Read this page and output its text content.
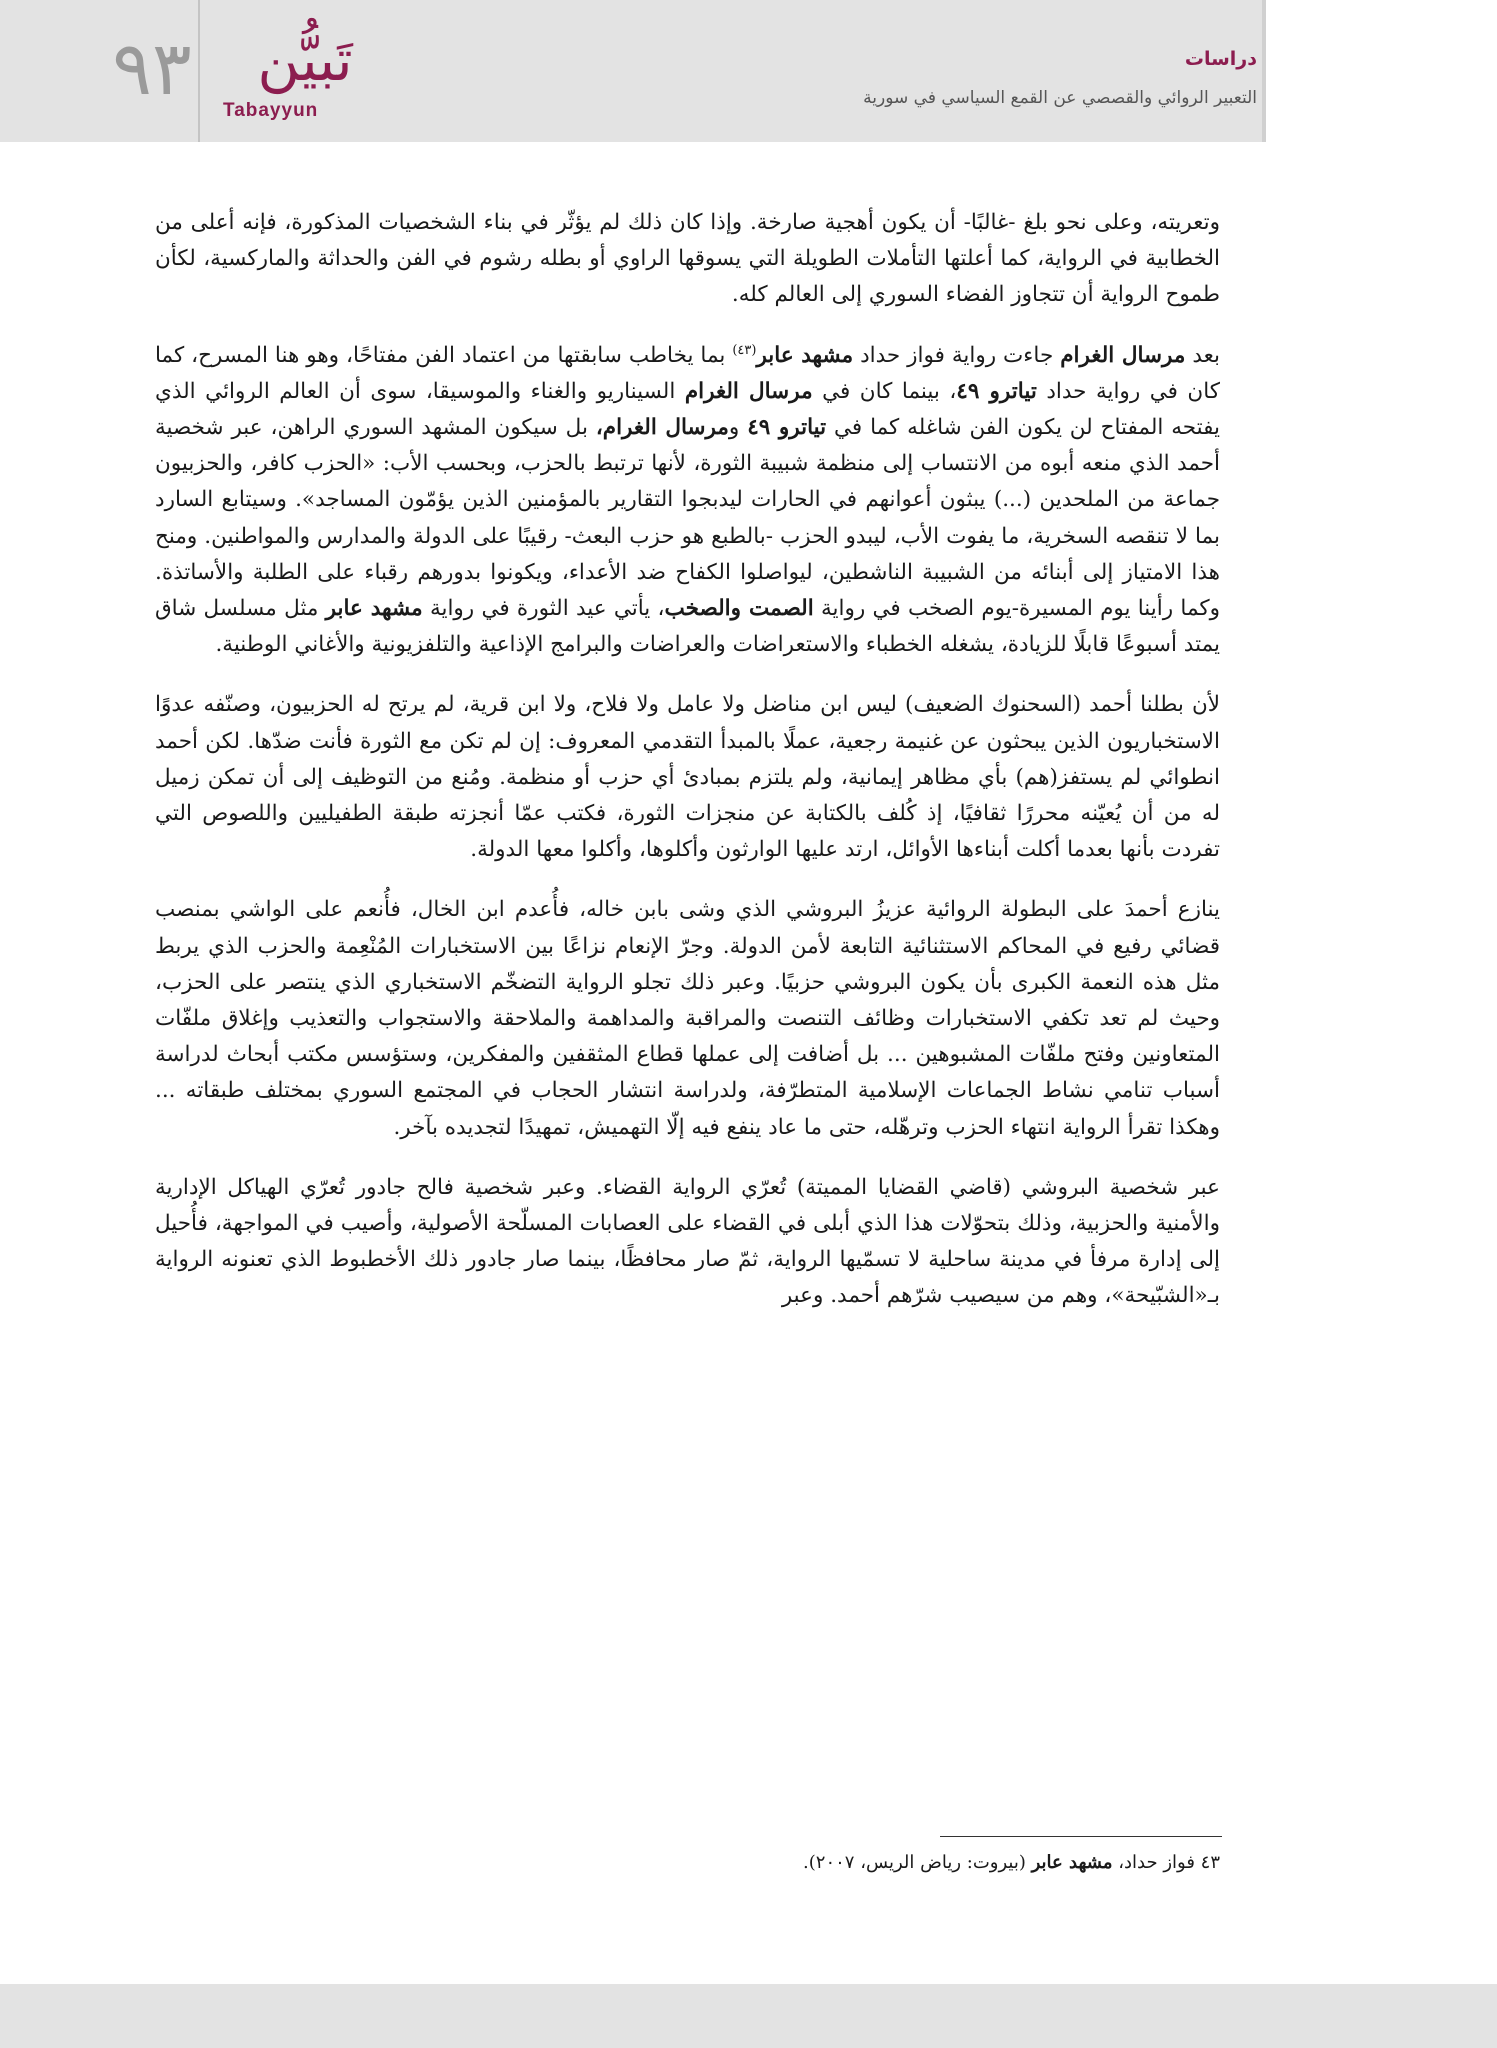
٩٣	تَبيُّن
Tabayyun
دراسات
التعبير الروائي والقصصي عن القمع السياسي في سورية

وتعريته، وعلى نحو بلغ -غالبًا- أن يكون أهجية صارخة. وإذا كان ذلك لم يؤثّر في بناء الشخصيات المذكورة، فإنه أعلى من الخطابية في الرواية، كما أعلتها التأملات الطويلة التي يسوقها الراوي أو بطله رشوم في الفن والحداثة والماركسية، لكأن طموح الرواية أن تتجاوز الفضاء السوري إلى العالم كله.

بعد مرسال الغرام جاءت رواية فواز حداد مشهد عابر$^{(٤٣)}$ بما يخاطب سابقتها من اعتماد الفن مفتاحًا، وهو هنا المسرح، كما كان في رواية حداد تياترو ٤٩، بينما كان في مرسال الغرام السيناريو والغناء والموسيقا، سوى أن العالم الروائي الذي يفتحه المفتاح لن يكون الفن شاغله كما في تياترو ٤٩ ومرسال الغرام، بل سيكون المشهد السوري الراهن، عبر شخصية أحمد الذي منعه أبوه من الانتساب إلى منظمة شبيبة الثورة، لأنها ترتبط بالحزب، وبحسب الأب: «الحزب كافر، والحزبيون جماعة من الملحدين (...) يبثون أعوانهم في الحارات ليدبجوا التقارير بالمؤمنين الذين يؤمّون المساجد». وسيتابع السارد بما لا تنقصه السخرية، ما يفوت الأب، ليبدو الحزب -بالطبع هو حزب البعث- رقيبًا على الدولة والمدارس والمواطنين. ومنح هذا الامتياز إلى أبنائه من الشبيبة الناشطين، ليواصلوا الكفاح ضد الأعداء، ويكونوا بدورهم رقباء على الطلبة والأساتذة. وكما رأينا يوم المسيرة-يوم الصخب في رواية الصمت والصخب، يأتي عيد الثورة في رواية مشهد عابر مثل مسلسل شاق يمتد أسبوعًا قابلًا للزيادة، يشغله الخطباء والاستعراضات والعراضات والبرامج الإذاعية والتلفزيونية والأغاني الوطنية.

لأن بطلنا أحمد (السحنوك الضعيف) ليس ابن مناضل ولا عامل ولا فلاح، ولا ابن قرية، لم يرتح له الحزبيون، وصنّفه عدوًا الاستخباريون الذين يبحثون عن غنيمة رجعية، عملًا بالمبدأ التقدمي المعروف: إن لم تكن مع الثورة فأنت ضدّها. لكن أحمد انطوائي لم يستفز(هم) بأي مظاهر إيمانية، ولم يلتزم بمبادئ أي حزب أو منظمة. ومُنع من التوظيف إلى أن تمكن زميل له من أن يُعيّنه محررًا ثقافيًا، إذ كُلف بالكتابة عن منجزات الثورة، فكتب عمّا أنجزته طبقة الطفيليين واللصوص التي تفردت بأنها بعدما أكلت أبناءها الأوائل، ارتد عليها الوارثون وأكلوها، وأكلوا معها الدولة.

ينازع أحمدَ على البطولة الروائية عزيزُ البروشي الذي وشى بابن خاله، فأُعدم ابن الخال، فأُنعم على الواشي بمنصب قضائي رفيع في المحاكم الاستثنائية التابعة لأمن الدولة. وجرّ الإنعام نزاعًا بين الاستخبارات المُنْعِمة والحزب الذي يربط مثل هذه النعمة الكبرى بأن يكون البروشي حزبيًا. وعبر ذلك تجلو الرواية التضخّم الاستخباري الذي ينتصر على الحزب، وحيث لم تعد تكفي الاستخبارات وظائف التنصت والمراقبة والمداهمة والملاحقة والاستجواب والتعذيب وإغلاق ملفّات المتعاونين وفتح ملفّات المشبوهين ... بل أضافت إلى عملها قطاع المثقفين والمفكرين، وستؤسس مكتب أبحاث لدراسة أسباب تنامي نشاط الجماعات الإسلامية المتطرّفة، ولدراسة انتشار الحجاب في المجتمع السوري بمختلف طبقاته ... وهكذا تقرأ الرواية انتهاء الحزب وترهّله، حتى ما عاد ينفع فيه إلّا التهميش، تمهيدًا لتجديده بآخر.

عبر شخصية البروشي (قاضي القضايا المميتة) تُعرّي الرواية القضاء. وعبر شخصية فالح جادور تُعرّي الهياكل الإدارية والأمنية والحزبية، وذلك بتحوّلات هذا الذي أبلى في القضاء على العصابات المسلّحة الأصولية، وأصيب في المواجهة، فأُحيل إلى إدارة مرفأ في مدينة ساحلية لا تسمّيها الرواية، ثمّ صار محافظًا، بينما صار جادور ذلك الأخطبوط الذي تعنونه الرواية بـ«الشبّيحة»، وهم من سيصيب شرّهم أحمد. وعبر

٤٣ فواز حداد، مشهد عابر (بيروت: رياض الريس، ٢٠٠٧).
